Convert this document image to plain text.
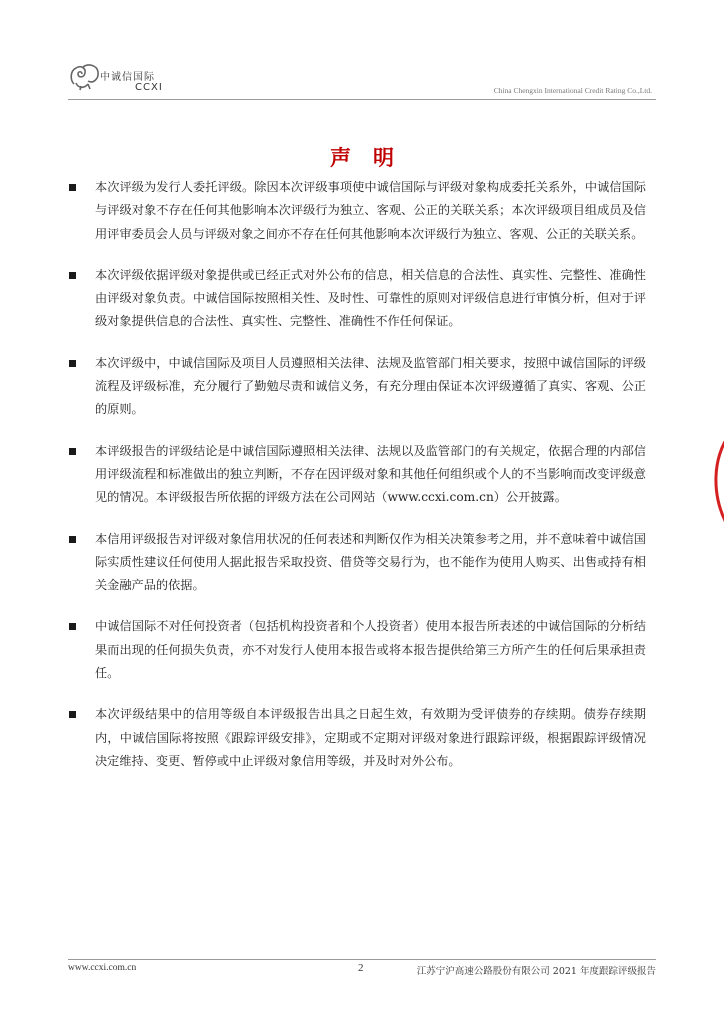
中诚信国际
CCXI	China Chengxin International Credit Rating Co.,Ltd.
声明
本次评级为发行人委托评级。除因本次评级事项使中诚信国际与评级对象构成委托关系外，中诚信国际与评级对象不存在任何其他影响本次评级行为独立、客观、公正的关联关系；本次评级项目组成员及信用评审委员会人员与评级对象之间亦不存在任何其他影响本次评级行为独立、客观、公正的关联关系。
本次评级依据评级对象提供或已经正式对外公布的信息，相关信息的合法性、真实性、完整性、准确性由评级对象负责。中诚信国际按照相关性、及时性、可靠性的原则对评级信息进行审慎分析，但对于评级对象提供信息的合法性、真实性、完整性、准确性不作任何保证。
本次评级中，中诚信国际及项目人员遵照相关法律、法规及监管部门相关要求，按照中诚信国际的评级流程及评级标准，充分履行了勤勉尽责和诚信义务，有充分理由保证本次评级遵循了真实、客观、公正的原则。
本评级报告的评级结论是中诚信国际遵照相关法律、法规以及监管部门的有关规定，依据合理的内部信用评级流程和标准做出的独立判断，不存在因评级对象和其他任何组织或个人的不当影响而改变评级意见的情况。本评级报告所依据的评级方法在公司网站（www.ccxi.com.cn）公开披露。
本信用评级报告对评级对象信用状况的任何表述和判断仅作为相关决策参考之用，并不意味着中诚信国际实质性建议任何使用人据此报告采取投资、借贷等交易行为，也不能作为使用人购买、出售或持有相关金融产品的依据。
中诚信国际不对任何投资者（包括机构投资者和个人投资者）使用本报告所表述的中诚信国际的分析结果而出现的任何损失负责，亦不对发行人使用本报告或将本报告提供给第三方所产生的任何后果承担责任。
本次评级结果中的信用等级自本评级报告出具之日起生效，有效期为受评债券的存续期。债券存续期内，中诚信国际将按照《跟踪评级安排》，定期或不定期对评级对象进行跟踪评级，根据跟踪评级情况决定维持、变更、暂停或中止评级对象信用等级，并及时对外公布。
www.ccxi.com.cn	2	江苏宁沪高速公路股份有限公司 2021 年度跟踪评级报告
